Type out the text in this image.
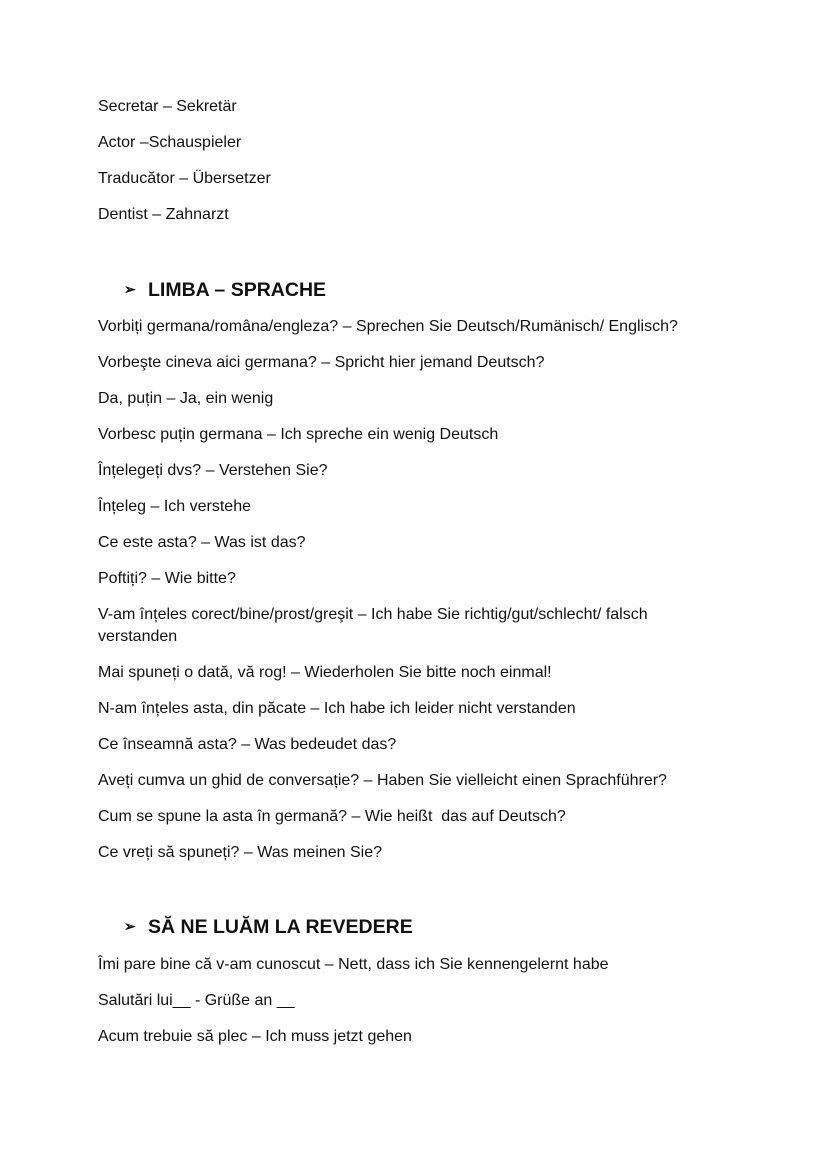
Secretar – Sekretär
Actor –Schauspieler
Traducător – Übersetzer
Dentist – Zahnarzt
➢ LIMBA – SPRACHE
Vorbiți germana/româna/engleza? – Sprechen Sie Deutsch/Rumänisch/ Englisch?
Vorbeşte cineva aici germana? – Spricht hier jemand Deutsch?
Da, puțin – Ja, ein wenig
Vorbesc puțin germana – Ich spreche ein wenig Deutsch
Înțelegeți dvs? – Verstehen Sie?
Înțeleg – Ich verstehe
Ce este asta? – Was ist das?
Poftiți? – Wie bitte?
V-am înțeles corect/bine/prost/greşit – Ich habe Sie richtig/gut/schlecht/ falsch
verstanden
Mai spuneți o dată, vă rog! – Wiederholen Sie bitte noch einmal!
N-am înțeles asta, din păcate – Ich habe ich leider nicht verstanden
Ce înseamnă asta? – Was bedeudet das?
Aveți cumva un ghid de conversație? – Haben Sie vielleicht einen Sprachführer?
Cum se spune la asta în germană? – Wie heißt  das auf Deutsch?
Ce vreți să spuneți? – Was meinen Sie?
➢ SĂ NE LUĂM LA REVEDERE
Îmi pare bine că v-am cunoscut – Nett, dass ich Sie kennengelernt habe
Salutări lui__ - Grüße an __
Acum trebuie să plec – Ich muss jetzt gehen
